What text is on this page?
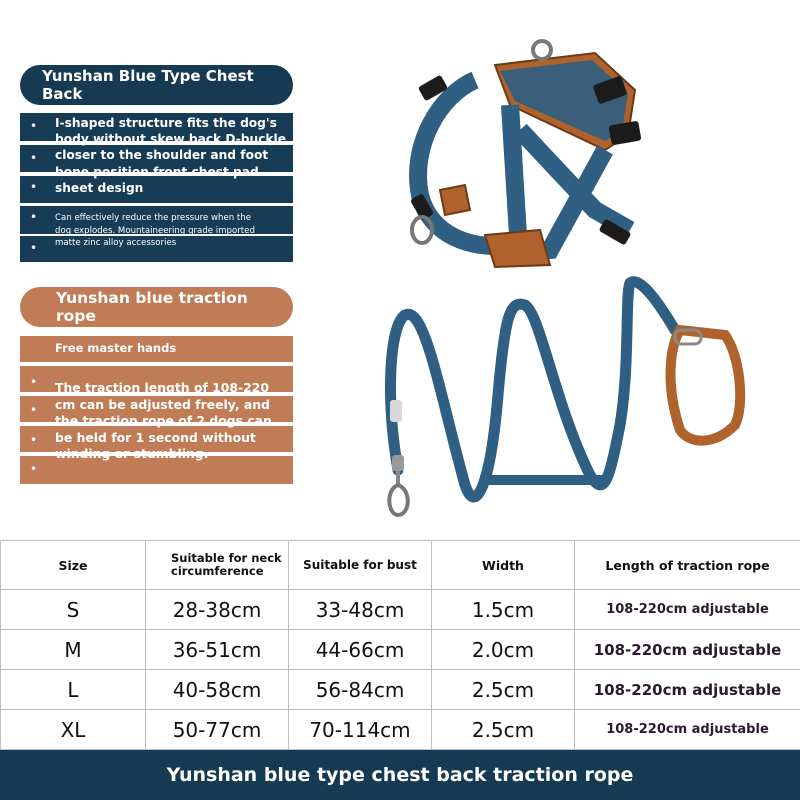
Yunshan Blue Type Chest Back
•
•
•
•
•
I-shaped structure fits the dog's body without skew back D-buckle closer to the shoulder and foot bone position front chest pad sheet design
Can effectively reduce the pressure when the dog explodes. Mountaineering grade imported matte zinc alloy accessories
Yunshan blue traction rope
•
•
•
•
Free master hands
The traction length of 108-220 cm can be adjusted freely, and the traction rope of 2 dogs can be held for 1 second without winding or stumbling.
Size	Suitable for neck circumference	Suitable for bust	Width	Length of traction rope
S	28-38cm	33-48cm	1.5cm	108-220cm adjustable
M	36-51cm	44-66cm	2.0cm	108-220cm adjustable
L	40-58cm	56-84cm	2.5cm	108-220cm adjustable
XL	50-77cm	70-114cm	2.5cm	108-220cm adjustable
Yunshan blue type chest back traction rope
